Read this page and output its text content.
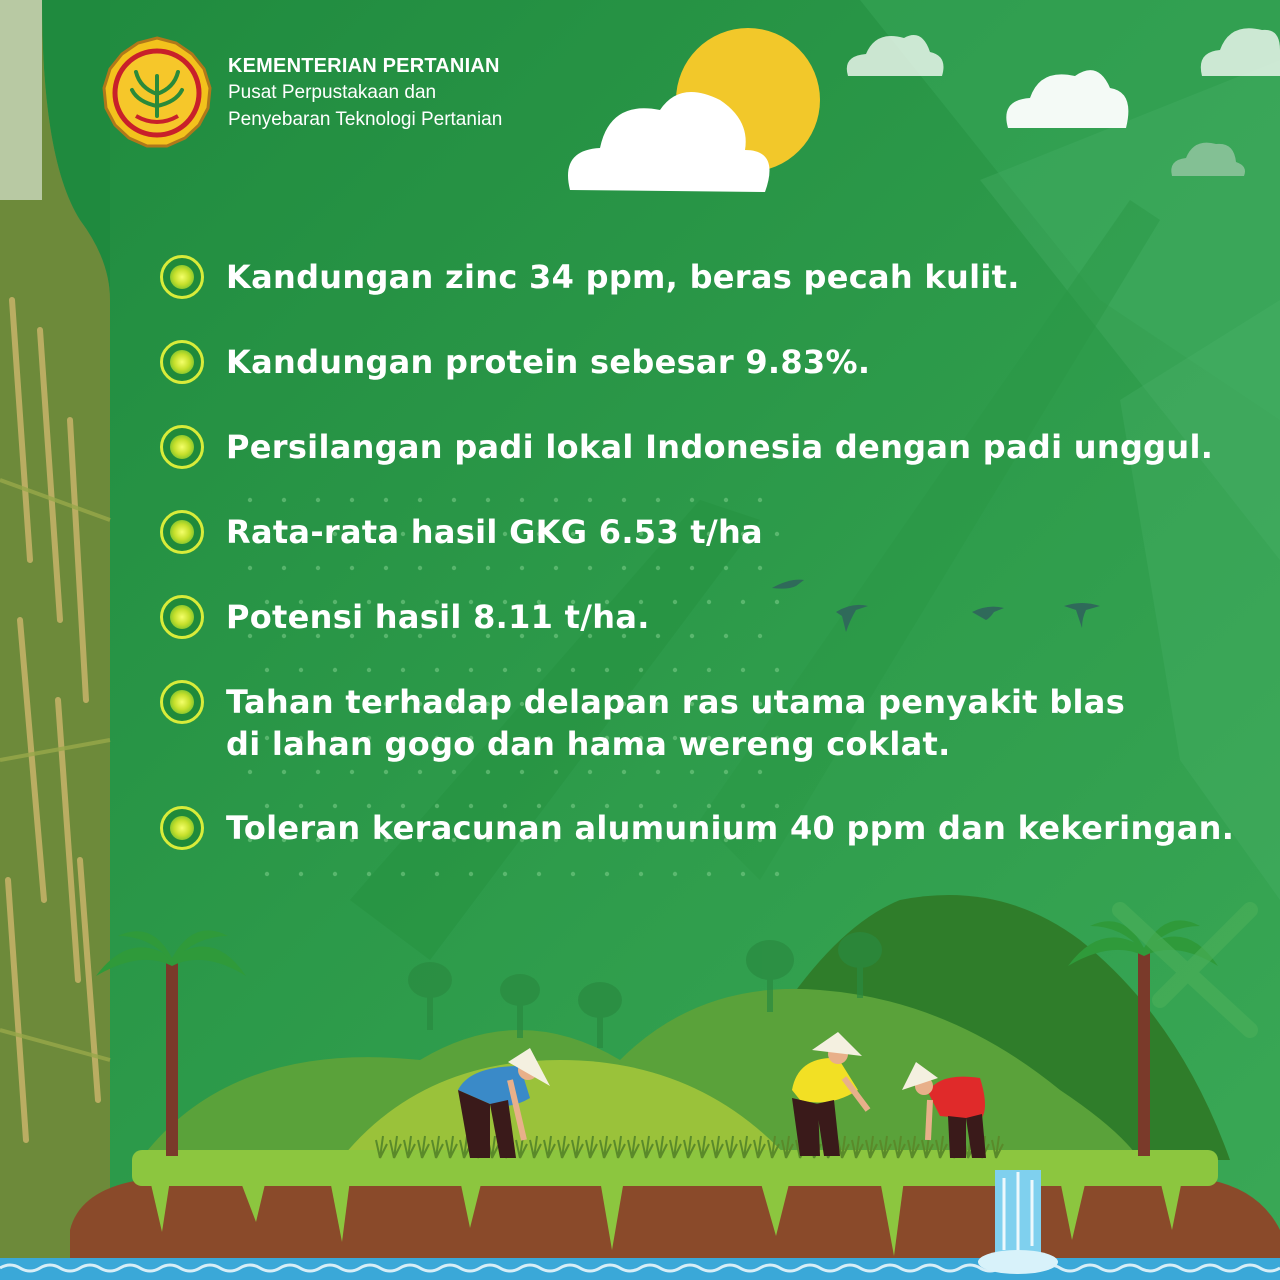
KEMENTERIAN PERTANIAN
Pusat Perpustakaan dan
Penyebaran Teknologi Pertanian
Kandungan zinc 34 ppm, beras pecah kulit.
Kandungan protein sebesar 9.83%.
Persilangan padi lokal Indonesia dengan padi unggul.
Rata-rata hasil GKG 6.53 t/ha
Potensi hasil 8.11 t/ha.
Tahan terhadap delapan ras utama penyakit blas di lahan gogo dan hama wereng coklat.
Toleran keracunan alumunium 40 ppm dan kekeringan.
